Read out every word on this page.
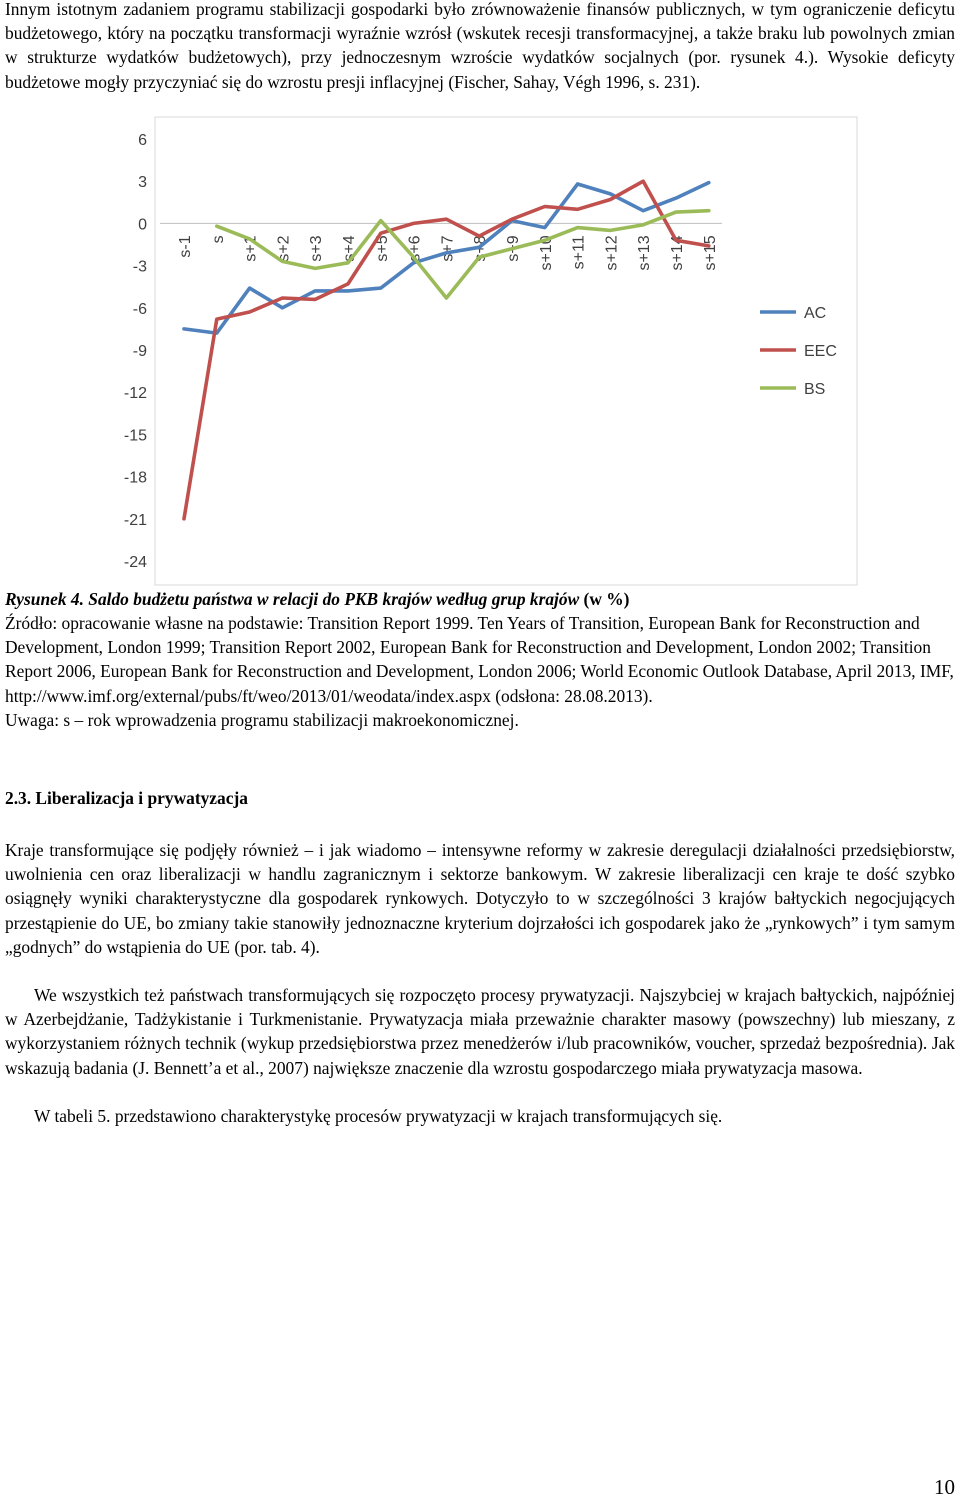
Innym istotnym zadaniem programu stabilizacji gospodarki było zrównoważenie finansów publicznych, w tym ograniczenie deficytu budżetowego, który na początku transformacji wyraźnie wzrósł (wskutek recesji transformacyjnej, a także braku lub powolnych zmian w strukturze wydatków budżetowych), przy jednoczesnym wzroście wydatków socjalnych (por. rysunek 4.). Wysokie deficyty budżetowe mogły przyczyniać się do wzrostu presji inflacyjnej (Fischer, Sahay, Végh 1996, s. 231).

6
3
0
-3
-6
-9
-12
-15
-18
-21
-24
s-1 s s+1 s+2 s+3 s+4 s+5 s+6 s+7 s+8 s+9 s+10 s+11 s+12 s+13 s+14 s+15
AC
EEC
BS

Rysunek 4. Saldo budżetu państwa w relacji do PKB krajów według grup krajów (w %)

Źródło: opracowanie własne na podstawie: Transition Report 1999. Ten Years of Transition, European Bank for Reconstruction and Development, London 1999; Transition Report 2002, European Bank for Reconstruction and Development, London 2002; Transition Report 2006, European Bank for Reconstruction and Development, London 2006; World Economic Outlook Database, April 2013, IMF, http://www.imf.org/external/pubs/ft/weo/2013/01/weodata/index.aspx (odsłona: 28.08.2013).
Uwaga: s – rok wprowadzenia programu stabilizacji makroekonomicznej.

2.3. Liberalizacja i prywatyzacja

Kraje transformujące się podjęły również – i jak wiadomo – intensywne reformy w zakresie deregulacji działalności przedsiębiorstw, uwolnienia cen oraz liberalizacji w handlu zagranicznym i sektorze bankowym. W zakresie liberalizacji cen kraje te dość szybko osiągnęły wyniki charakterystyczne dla gospodarek rynkowych. Dotyczyło to w szczególności 3 krajów bałtyckich negocjujących przestąpienie do UE, bo zmiany takie stanowiły jednoznaczne kryterium dojrzałości ich gospodarek jako że „rynkowych” i tym samym „godnych” do wstąpienia do UE (por. tab. 4).

We wszystkich też państwach transformujących się rozpoczęto procesy prywatyzacji. Najszybciej w krajach bałtyckich, najpóźniej w Azerbejdżanie, Tadżykistanie i Turkmenistanie. Prywatyzacja miała przeważnie charakter masowy (powszechny) lub mieszany, z wykorzystaniem różnych technik (wykup przedsiębiorstwa przez menedżerów i/lub pracowników, voucher, sprzedaż bezpośrednia). Jak wskazują badania (J. Bennett’a et al., 2007) największe znaczenie dla wzrostu gospodarczego miała prywatyzacja masowa.

W tabeli 5. przedstawiono charakterystykę procesów prywatyzacji w krajach transformujących się.

10
